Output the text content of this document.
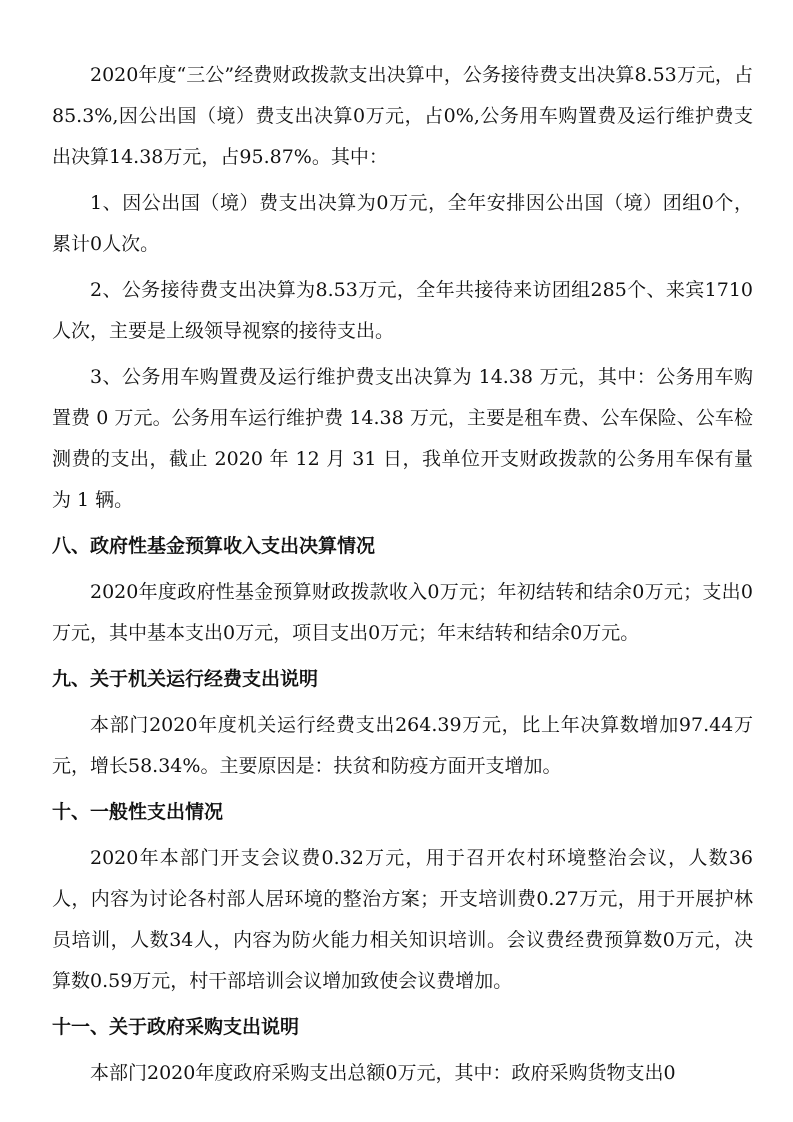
2020年度“三公”经费财政拨款支出决算中，公务接待费支出决算8.53万元，占85.3%,因公出国（境）费支出决算0万元，占0%,公务用车购置费及运行维护费支出决算14.38万元，占95.87%。其中：

1、因公出国（境）费支出决算为0万元，全年安排因公出国（境）团组0个，累计0人次。

2、公务接待费支出决算为8.53万元，全年共接待来访团组285个、来宾1710人次，主要是上级领导视察的接待支出。

3、公务用车购置费及运行维护费支出决算为 14.38 万元，其中：公务用车购置费 0 万元。公务用车运行维护费 14.38 万元，主要是租车费、公车保险、公车检测费的支出，截止 2020 年 12 月 31 日，我单位开支财政拨款的公务用车保有量为 1 辆。

八、政府性基金预算收入支出决算情况

2020年度政府性基金预算财政拨款收入0万元；年初结转和结余0万元；支出0万元，其中基本支出0万元，项目支出0万元；年末结转和结余0万元。

九、关于机关运行经费支出说明

本部门2020年度机关运行经费支出264.39万元，比上年决算数增加97.44万元，增长58.34%。主要原因是：扶贫和防疫方面开支增加。

十、一般性支出情况

2020年本部门开支会议费0.32万元，用于召开农村环境整治会议，人数36人，内容为讨论各村部人居环境的整治方案；开支培训费0.27万元，用于开展护林员培训，人数34人，内容为防火能力相关知识培训。会议费经费预算数0万元，决算数0.59万元，村干部培训会议增加致使会议费增加。

十一、关于政府采购支出说明

本部门2020年度政府采购支出总额0万元，其中：政府采购货物支出0
